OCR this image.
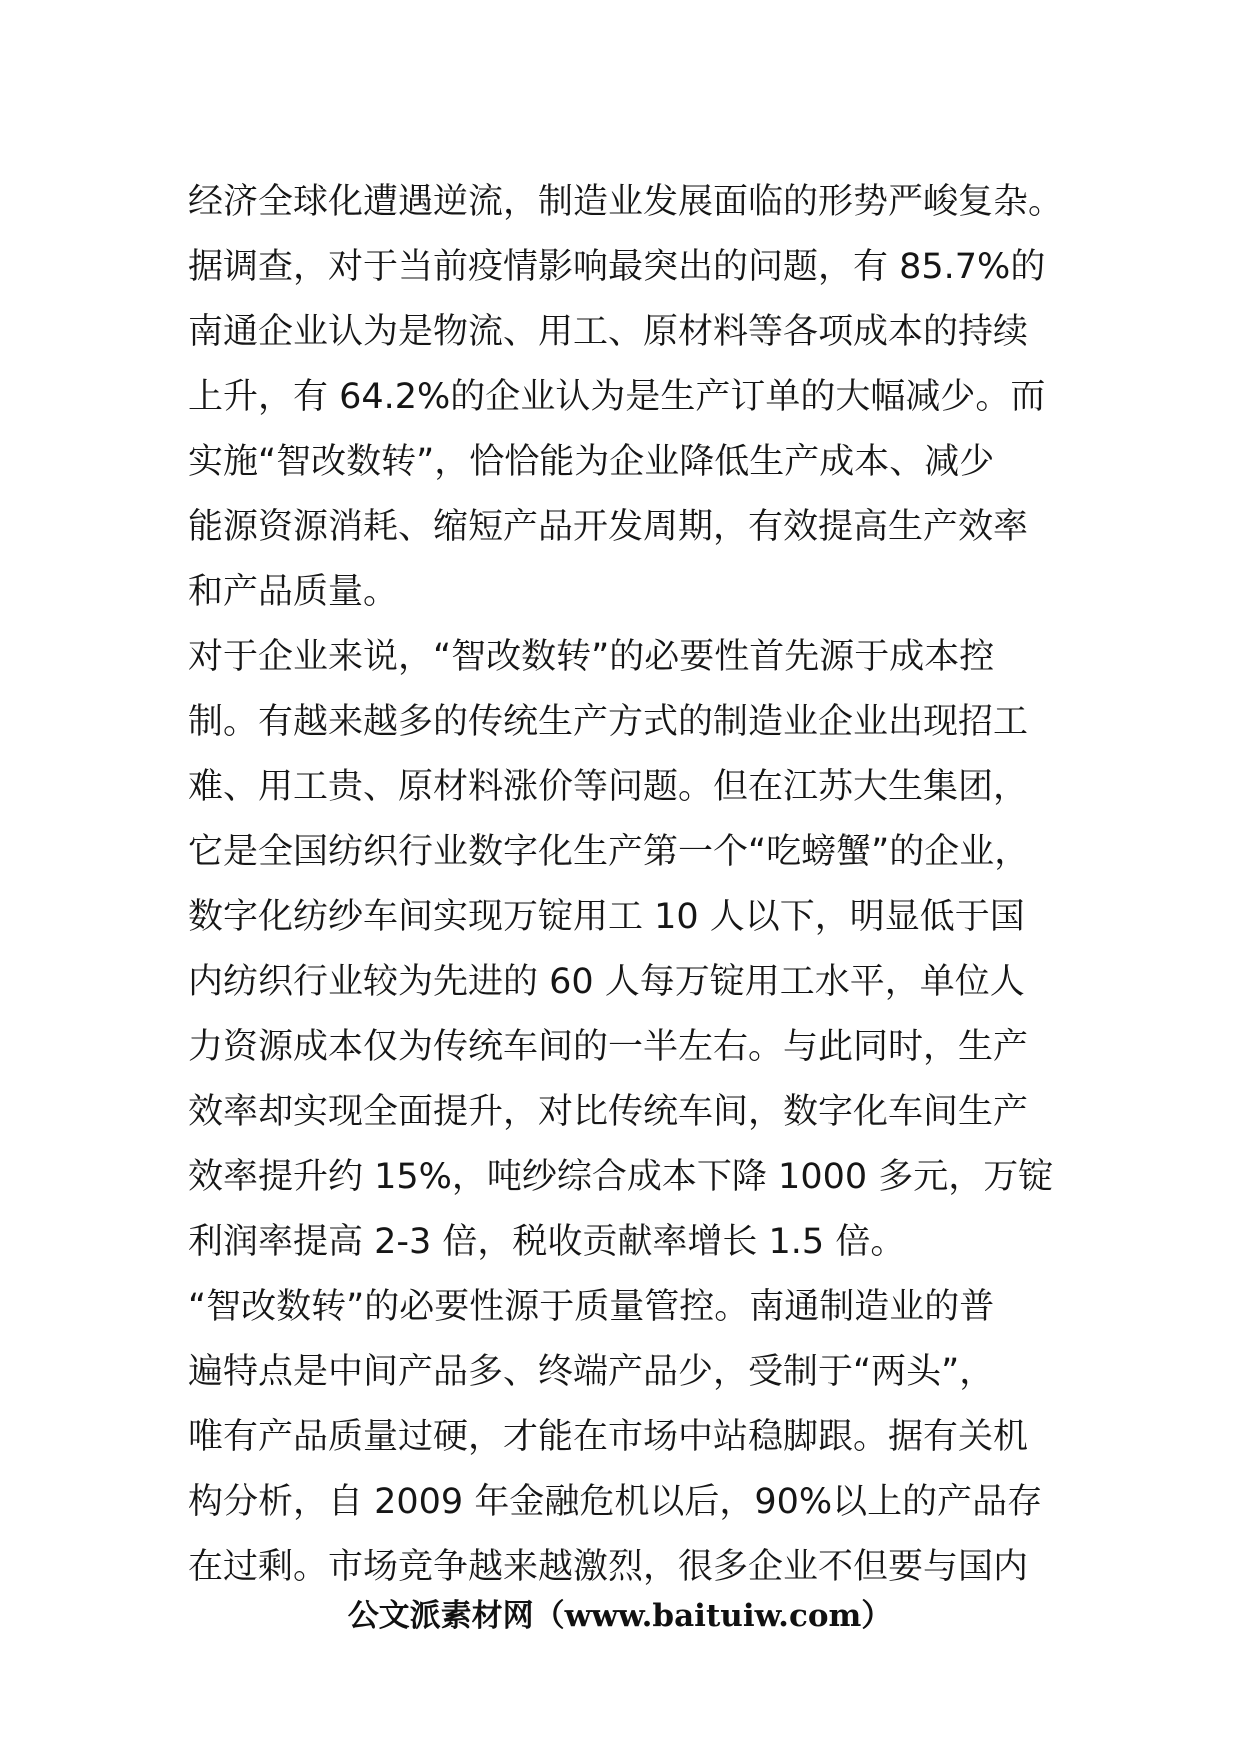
经济全球化遭遇逆流，制造业发展面临的形势严峻复杂。
据调查，对于当前疫情影响最突出的问题，有 85.7%的
南通企业认为是物流、用工、原材料等各项成本的持续
上升，有 64.2%的企业认为是生产订单的大幅减少。而
实施“智改数转”，恰恰能为企业降低生产成本、减少
能源资源消耗、缩短产品开发周期，有效提高生产效率
和产品质量。
对于企业来说，“智改数转”的必要性首先源于成本控
制。有越来越多的传统生产方式的制造业企业出现招工
难、用工贵、原材料涨价等问题。但在江苏大生集团，
它是全国纺织行业数字化生产第一个“吃螃蟹”的企业，
数字化纺纱车间实现万锭用工 10 人以下，明显低于国
内纺织行业较为先进的 60 人每万锭用工水平，单位人
力资源成本仅为传统车间的一半左右。与此同时，生产
效率却实现全面提升，对比传统车间，数字化车间生产
效率提升约 15%，吨纱综合成本下降 1000 多元，万锭
利润率提高 2-3 倍，税收贡献率增长 1.5 倍。
“智改数转”的必要性源于质量管控。南通制造业的普
遍特点是中间产品多、终端产品少，受制于“两头”，
唯有产品质量过硬，才能在市场中站稳脚跟。据有关机
构分析，自 2009 年金融危机以后，90%以上的产品存
在过剩。市场竞争越来越激烈，很多企业不但要与国内
公文派素材网（www.baituiw.com）
